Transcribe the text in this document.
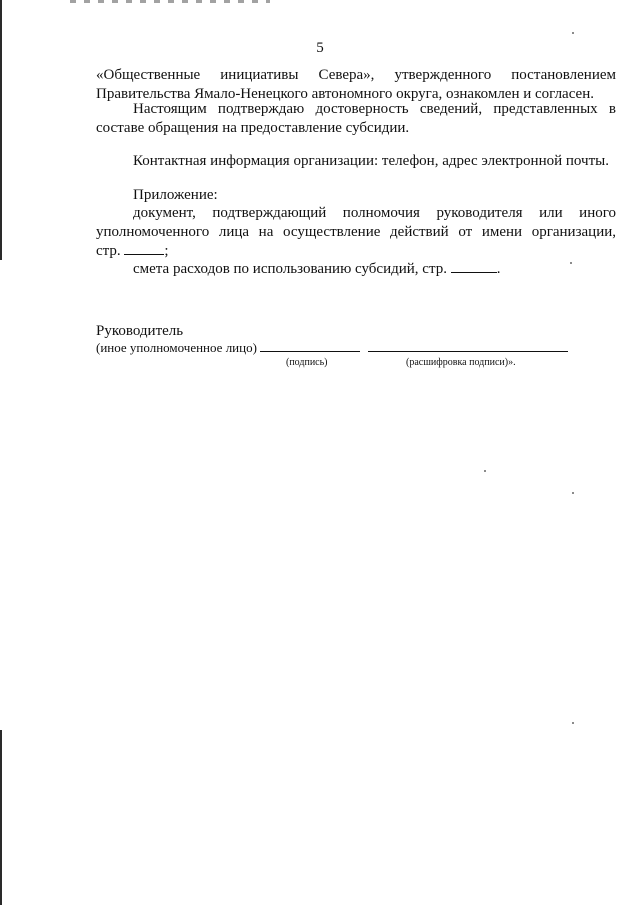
5
«Общественные инициативы Севера», утвержденного постановлением
Правительства Ямало-Ненецкого автономного округа, ознакомлен и согласен.
Настоящим подтверждаю достоверность сведений, представленных в
составе обращения на предоставление субсидии.
Контактная информация организации: телефон, адрес электронной почты.
Приложение:
документ, подтверждающий полномочия руководителя или иного
уполномоченного лица на осуществление действий от имени организации,
стр.	;
смета расходов по использованию субсидий, стр.	.
Руководитель
(иное уполномоченное лицо)
(подпись)	(расшифровка подписи)».
